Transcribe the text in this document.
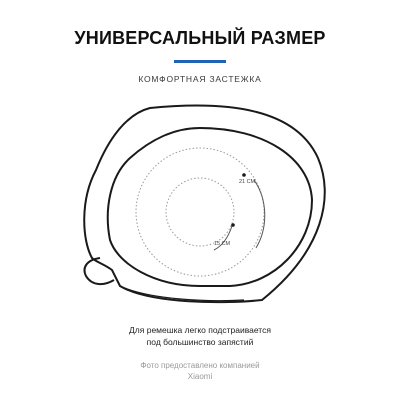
УНИВЕРСАЛЬНЫЙ РАЗМЕР
КОМФОРТНАЯ ЗАСТЕЖКА
21 СМ
15 СМ
Для ремешка легко подстраивается
под большинство запястий
Фото предоставлено компанией
Xiaomi
